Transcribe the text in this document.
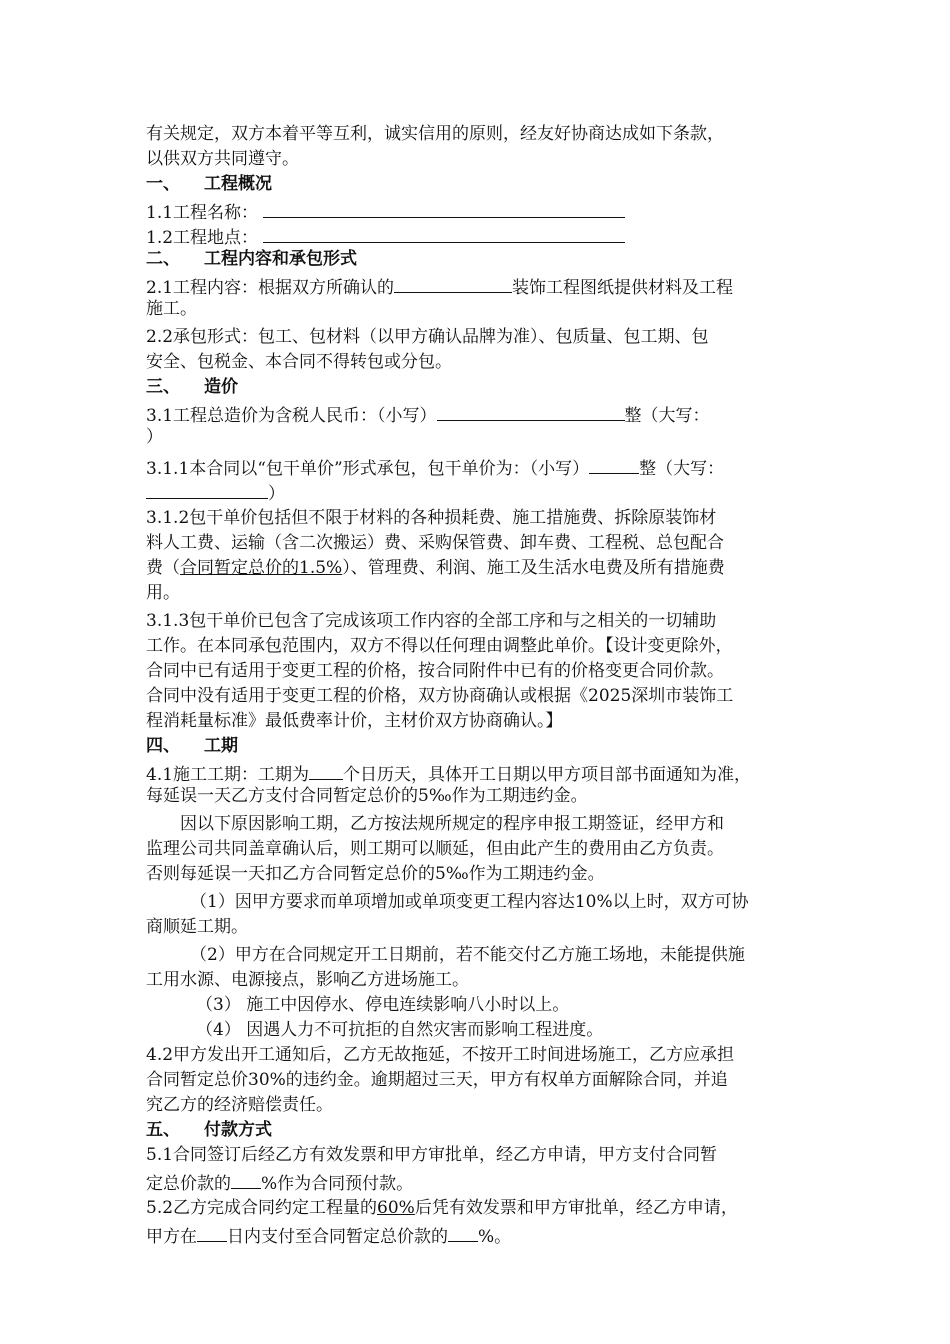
有关规定，双方本着平等互利，诚实信用的原则，经友好协商达成如下条款，
以供双方共同遵守。
一、 工程概况
1.1工程名称：
1.2工程地点：
二、 工程内容和承包形式
2.1工程内容：根据双方所确认的	装饰工程图纸提供材料及工程
施工。
2.2承包形式：包工、包材料（以甲方确认品牌为准）、包质量、包工期、包
安全、包税金、本合同不得转包或分包。
三、 造价
3.1工程总造价为含税人民币：（小写）	整（大写：
）
3.1.1本合同以“包干单价”形式承包，包干单价为：（小写）	整（大写：
）
3.1.2包干单价包括但不限于材料的各种损耗费、施工措施费、拆除原装饰材
料人工费、运输（含二次搬运）费、采购保管费、卸车费、工程税、总包配合
费（合同暂定总价的1.5%）、管理费、利润、施工及生活水电费及所有措施费
用。
3.1.3包干单价已包含了完成该项工作内容的全部工序和与之相关的一切辅助
工作。在本同承包范围内，双方不得以任何理由调整此单价。【设计变更除外，
合同中已有适用于变更工程的价格，按合同附件中已有的价格变更合同价款。
合同中没有适用于变更工程的价格，双方协商确认或根据《2025深圳市装饰工
程消耗量标准》最低费率计价，主材价双方协商确认。】
四、 工期
4.1施工工期：工期为 个日历天，具体开工日期以甲方项目部书面通知为准，
每延误一天乙方支付合同暂定总价的5‰作为工期违约金。
因以下原因影响工期，乙方按法规所规定的程序申报工期签证，经甲方和
监理公司共同盖章确认后，则工期可以顺延，但由此产生的费用由乙方负责。
否则每延误一天扣乙方合同暂定总价的5‰作为工期违约金。
（1）因甲方要求而单项增加或单项变更工程内容达10%以上时，双方可协
商顺延工期。
（2）甲方在合同规定开工日期前，若不能交付乙方施工场地，未能提供施
工用水源、电源接点，影响乙方进场施工。
（3） 施工中因停水、停电连续影响八小时以上。
（4） 因遇人力不可抗拒的自然灾害而影响工程进度。
4.2甲方发出开工通知后，乙方无故拖延，不按开工时间进场施工，乙方应承担
合同暂定总价30%的违约金。逾期超过三天，甲方有权单方面解除合同，并追
究乙方的经济赔偿责任。
五、 付款方式
5.1合同签订后经乙方有效发票和甲方审批单，经乙方申请，甲方支付合同暂
定总价款的 %作为合同预付款。
5.2乙方完成合同约定工程量的60%后凭有效发票和甲方审批单，经乙方申请，
甲方在 日内支付至合同暂定总价款的 %。
